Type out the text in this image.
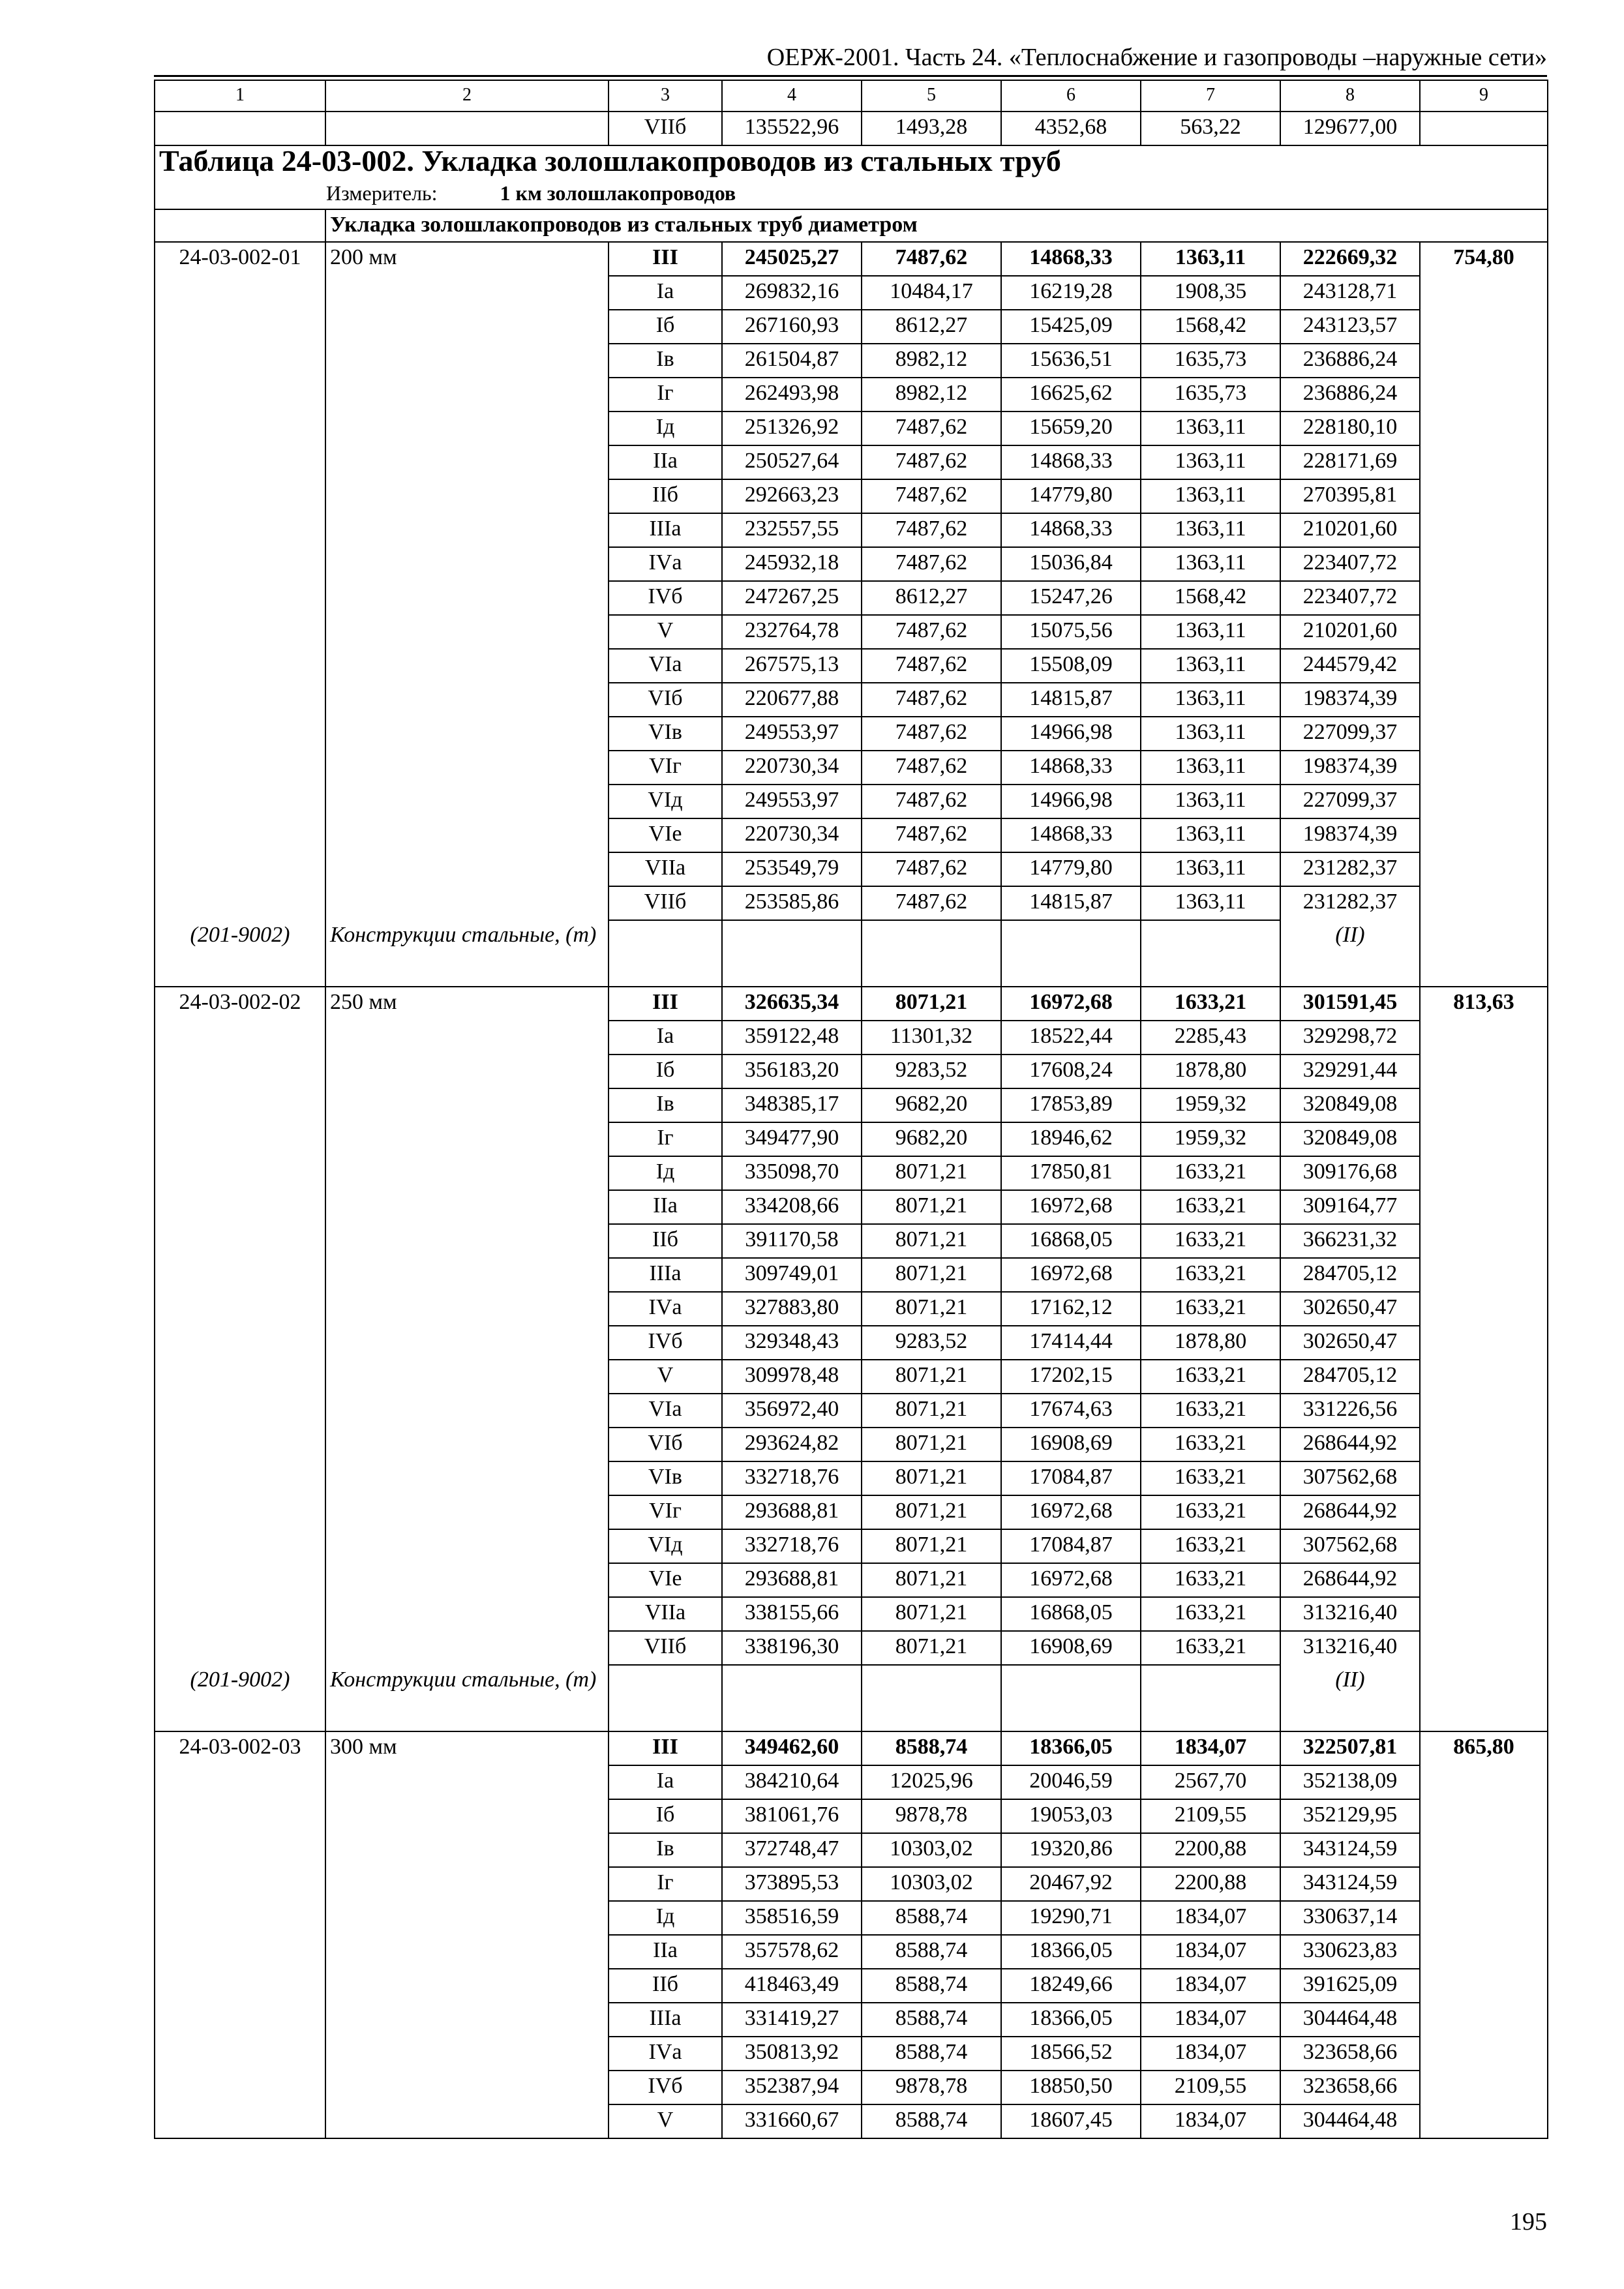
ОЕРЖ-2001. Часть 24. «Теплоснабжение и газопроводы –наружные сети»
1	2	3	4	5	6	7	8	9
		VIIб	135522,96	1493,28	4352,68	563,22	129677,00	
Таблица 24-03-002. Укладка золошлакопроводов из стальных труб								
Измеритель: 1 км золошлакопроводов								
	Укладка золошлакопроводов из стальных труб диаметром							
24-03-002-01	200 мм	III	245025,27	7487,62	14868,33	1363,11	222669,32	754,80
		Iа	269832,16	10484,17	16219,28	1908,35	243128,71	
		Iб	267160,93	8612,27	15425,09	1568,42	243123,57	
		Iв	261504,87	8982,12	15636,51	1635,73	236886,24	
		Iг	262493,98	8982,12	16625,62	1635,73	236886,24	
		Iд	251326,92	7487,62	15659,20	1363,11	228180,10	
		IIа	250527,64	7487,62	14868,33	1363,11	228171,69	
		IIб	292663,23	7487,62	14779,80	1363,11	270395,81	
		IIIа	232557,55	7487,62	14868,33	1363,11	210201,60	
		IVа	245932,18	7487,62	15036,84	1363,11	223407,72	
		IVб	247267,25	8612,27	15247,26	1568,42	223407,72	
		V	232764,78	7487,62	15075,56	1363,11	210201,60	
		VIа	267575,13	7487,62	15508,09	1363,11	244579,42	
		VIб	220677,88	7487,62	14815,87	1363,11	198374,39	
		VIв	249553,97	7487,62	14966,98	1363,11	227099,37	
		VIг	220730,34	7487,62	14868,33	1363,11	198374,39	
		VIд	249553,97	7487,62	14966,98	1363,11	227099,37	
		VIе	220730,34	7487,62	14868,33	1363,11	198374,39	
		VIIа	253549,79	7487,62	14779,80	1363,11	231282,37	
		VIIб	253585,86	7487,62	14815,87	1363,11	231282,37	
(201-9002)	Конструкции стальные, (т)						(II)	
24-03-002-02	250 мм	III	326635,34	8071,21	16972,68	1633,21	301591,45	813,63
		Iа	359122,48	11301,32	18522,44	2285,43	329298,72	
		Iб	356183,20	9283,52	17608,24	1878,80	329291,44	
		Iв	348385,17	9682,20	17853,89	1959,32	320849,08	
		Iг	349477,90	9682,20	18946,62	1959,32	320849,08	
		Iд	335098,70	8071,21	17850,81	1633,21	309176,68	
		IIа	334208,66	8071,21	16972,68	1633,21	309164,77	
		IIб	391170,58	8071,21	16868,05	1633,21	366231,32	
		IIIа	309749,01	8071,21	16972,68	1633,21	284705,12	
		IVа	327883,80	8071,21	17162,12	1633,21	302650,47	
		IVб	329348,43	9283,52	17414,44	1878,80	302650,47	
		V	309978,48	8071,21	17202,15	1633,21	284705,12	
		VIа	356972,40	8071,21	17674,63	1633,21	331226,56	
		VIб	293624,82	8071,21	16908,69	1633,21	268644,92	
		VIв	332718,76	8071,21	17084,87	1633,21	307562,68	
		VIг	293688,81	8071,21	16972,68	1633,21	268644,92	
		VIд	332718,76	8071,21	17084,87	1633,21	307562,68	
		VIе	293688,81	8071,21	16972,68	1633,21	268644,92	
		VIIа	338155,66	8071,21	16868,05	1633,21	313216,40	
		VIIб	338196,30	8071,21	16908,69	1633,21	313216,40	
(201-9002)	Конструкции стальные, (т)						(II)	
24-03-002-03	300 мм	III	349462,60	8588,74	18366,05	1834,07	322507,81	865,80
		Iа	384210,64	12025,96	20046,59	2567,70	352138,09	
		Iб	381061,76	9878,78	19053,03	2109,55	352129,95	
		Iв	372748,47	10303,02	19320,86	2200,88	343124,59	
		Iг	373895,53	10303,02	20467,92	2200,88	343124,59	
		Iд	358516,59	8588,74	19290,71	1834,07	330637,14	
		IIа	357578,62	8588,74	18366,05	1834,07	330623,83	
		IIб	418463,49	8588,74	18249,66	1834,07	391625,09	
		IIIа	331419,27	8588,74	18366,05	1834,07	304464,48	
		IVа	350813,92	8588,74	18566,52	1834,07	323658,66	
		IVб	352387,94	9878,78	18850,50	2109,55	323658,66	
		V	331660,67	8588,74	18607,45	1834,07	304464,48	
195
